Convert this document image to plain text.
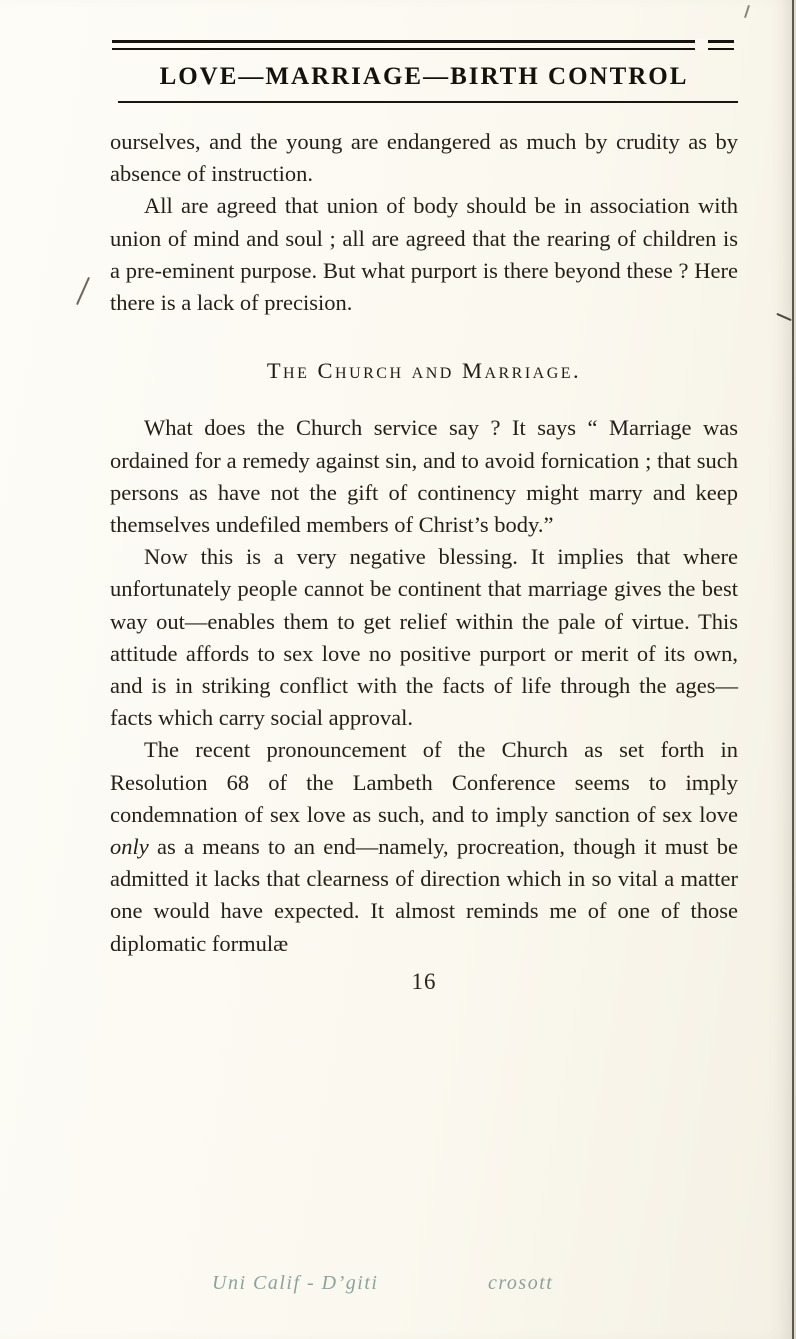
LOVE—MARRIAGE—BIRTH CONTROL

ourselves, and the young are endangered as much by crudity as by absence of instruction.

All are agreed that union of body should be in association with union of mind and soul ; all are agreed that the rearing of children is a pre-eminent purpose. But what purport is there beyond these ? Here there is a lack of precision.

The Church and Marriage.

What does the Church service say ? It says “ Marriage was ordained for a remedy against sin, and to avoid fornication ; that such persons as have not the gift of continency might marry and keep themselves undefiled members of Christ’s body.”

Now this is a very negative blessing. It implies that where unfortunately people cannot be continent that marriage gives the best way out—enables them to get relief within the pale of virtue. This attitude affords to sex love no positive purport or merit of its own, and is in striking conflict with the facts of life through the ages—facts which carry social approval.

The recent pronouncement of the Church as set forth in Resolution 68 of the Lambeth Conference seems to imply condemnation of sex love as such, and to imply sanction of sex love only as a means to an end—namely, procreation, though it must be admitted it lacks that clearness of direction which in so vital a matter one would have expected. It almost reminds me of one of those diplomatic formulæ

16
Uni Calif - D’giti	crosott
